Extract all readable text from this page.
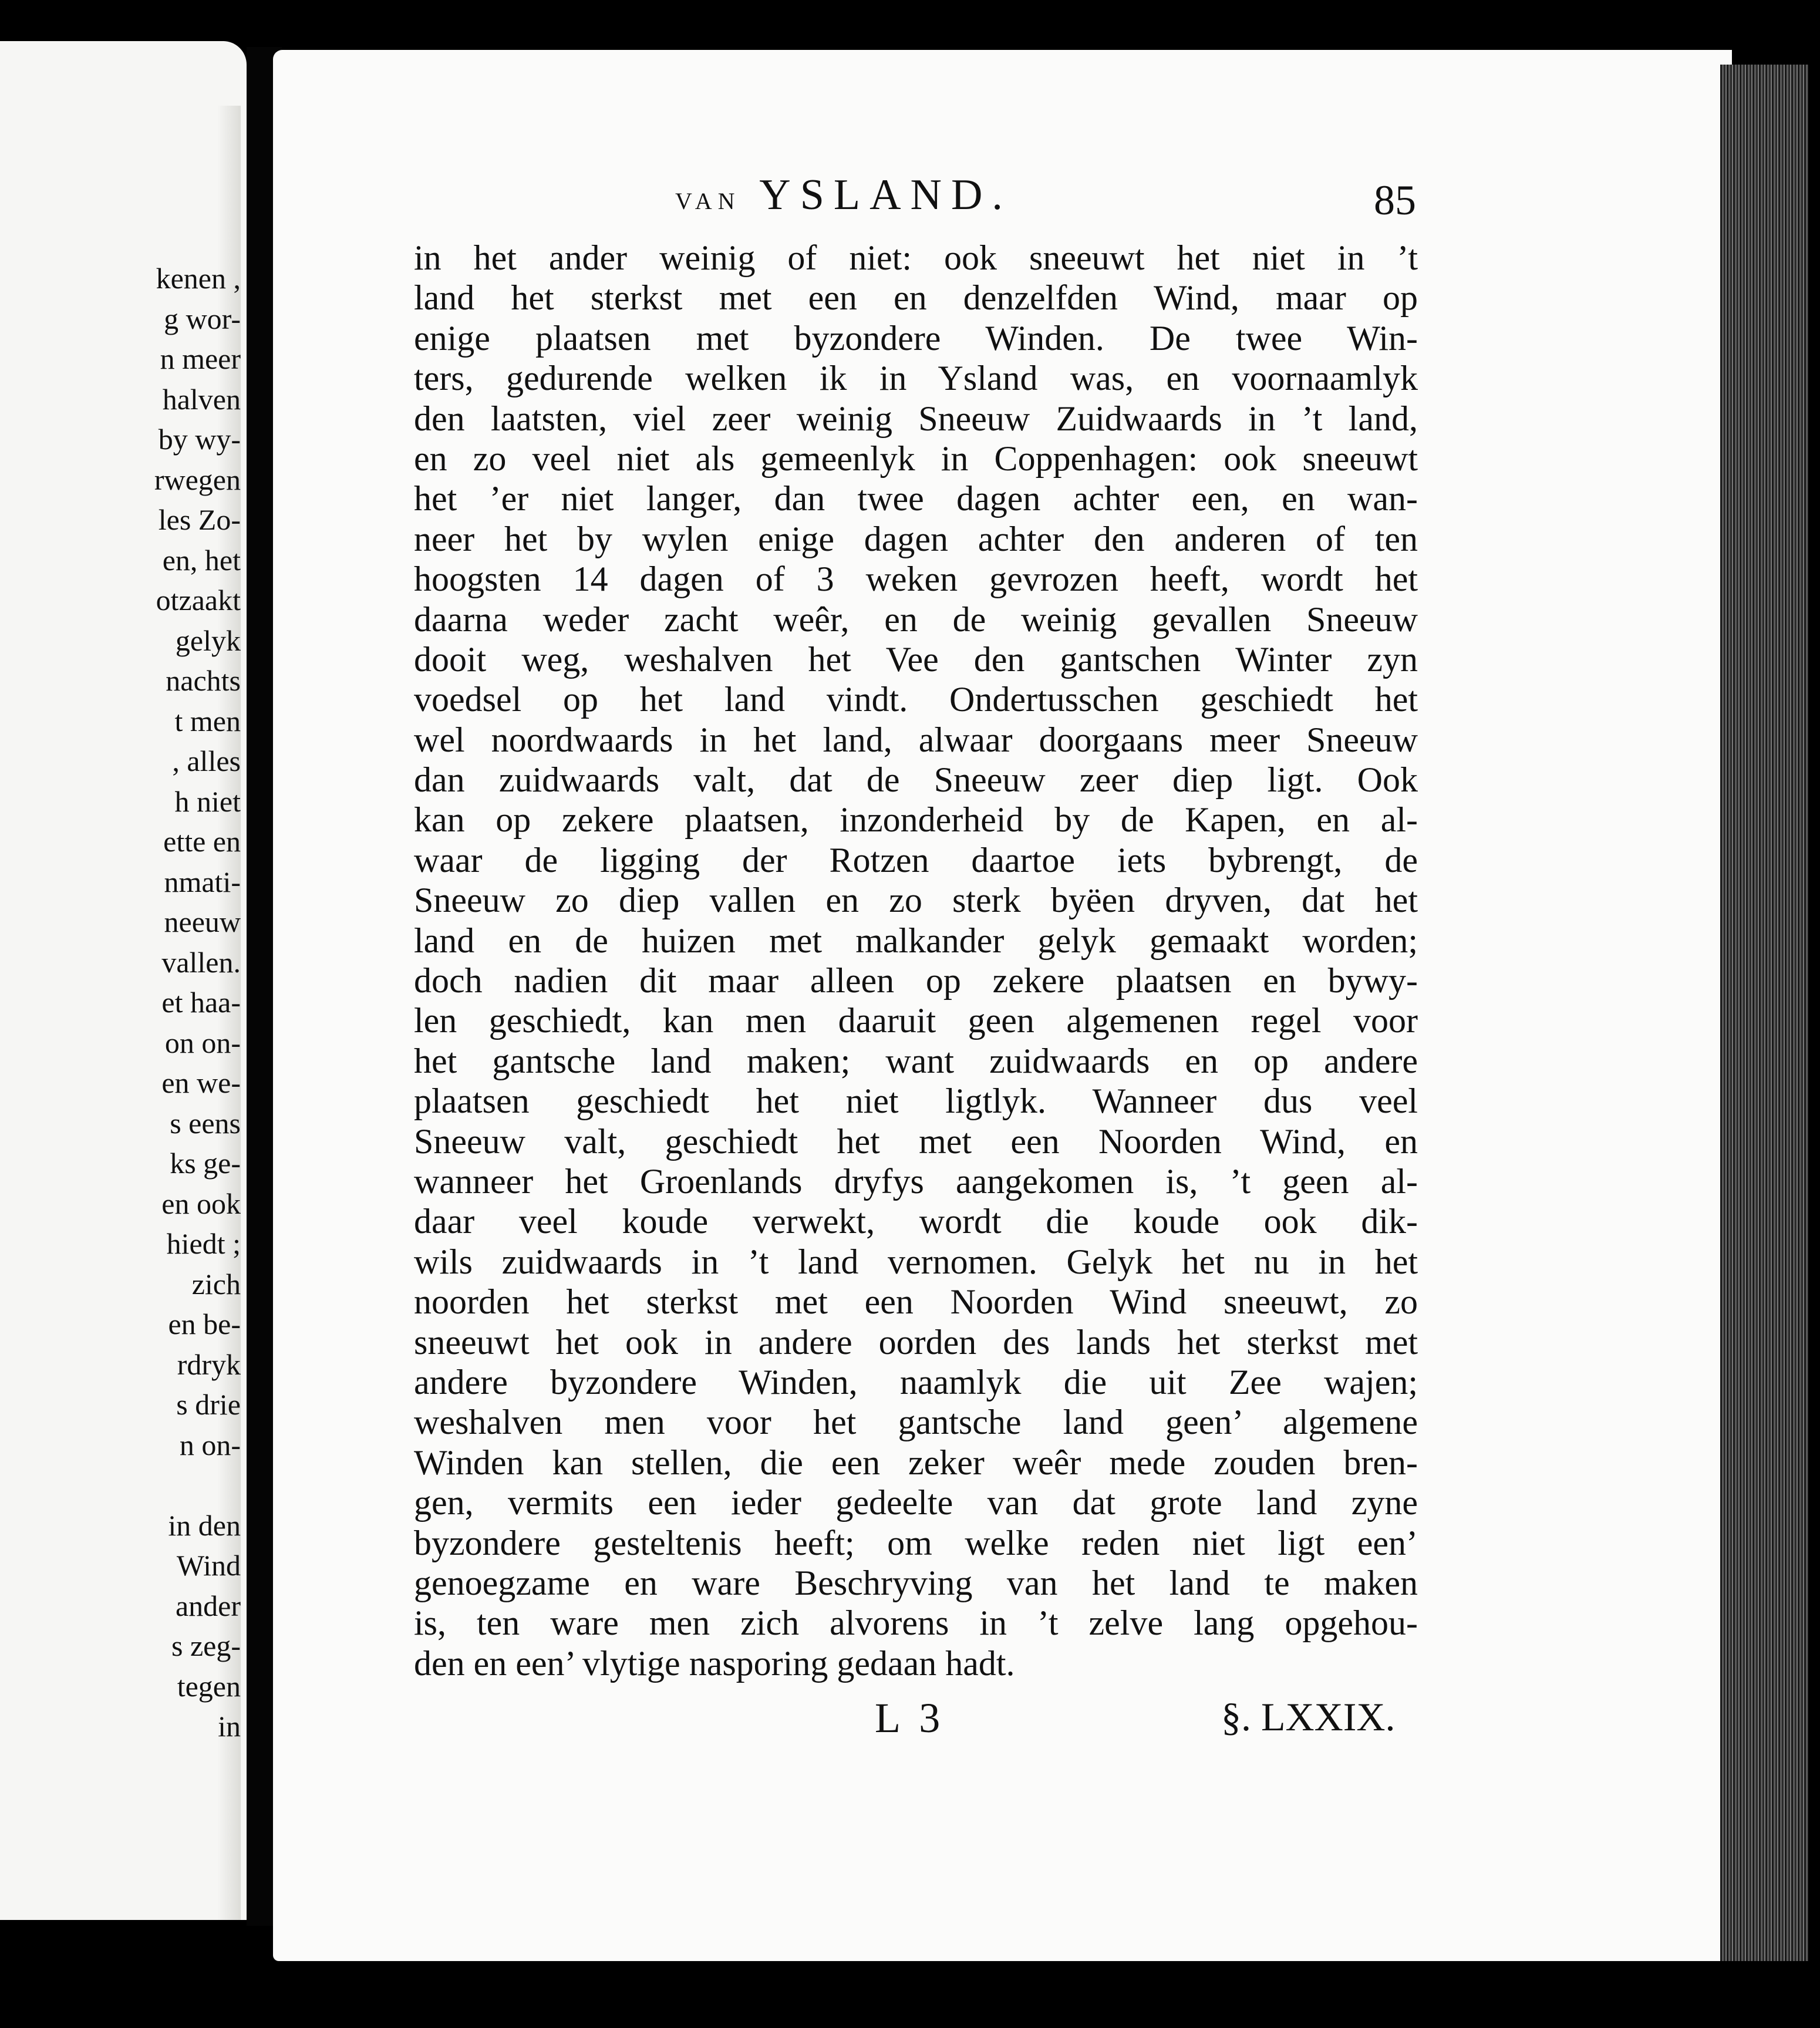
kenen ,
g wor-
n meer
halven
by wy-
rwegen
les Zo-
en, het
otzaakt
gelyk
nachts
t men
, alles
h niet
ette en
nmati-
neeuw
vallen.
et haa-
on on-
en we-
s eens
ks ge-
en ook
hiedt ;
zich
en be-
rdryk
s drie
n on-
in den
Wind
ander
s zeg-
tegen
in
VAN YSLAND.	85
in het ander weinig of niet: ook sneeuwt het niet in ’t
land het sterkst met een en denzelfden Wind, maar op
enige plaatsen met byzondere Winden. De twee Win-
ters, gedurende welken ik in Ysland was, en voornaamlyk
den laatsten, viel zeer weinig Sneeuw Zuidwaards in ’t land,
en zo veel niet als gemeenlyk in Coppenhagen: ook sneeuwt
het ’er niet langer, dan twee dagen achter een, en wan-
neer het by wylen enige dagen achter den anderen of ten
hoogsten 14 dagen of 3 weken gevrozen heeft, wordt het
daarna weder zacht weêr, en de weinig gevallen Sneeuw
dooit weg, weshalven het Vee den gantschen Winter zyn
voedsel op het land vindt. Ondertusschen geschiedt het
wel noordwaards in het land, alwaar doorgaans meer Sneeuw
dan zuidwaards valt, dat de Sneeuw zeer diep ligt. Ook
kan op zekere plaatsen, inzonderheid by de Kapen, en al-
waar de ligging der Rotzen daartoe iets bybrengt, de
Sneeuw zo diep vallen en zo sterk byëen dryven, dat het
land en de huizen met malkander gelyk gemaakt worden;
doch nadien dit maar alleen op zekere plaatsen en bywy-
len geschiedt, kan men daaruit geen algemenen regel voor
het gantsche land maken; want zuidwaards en op andere
plaatsen geschiedt het niet ligtlyk. Wanneer dus veel
Sneeuw valt, geschiedt het met een Noorden Wind, en
wanneer het Groenlands dryfys aangekomen is, ’t geen al-
daar veel koude verwekt, wordt die koude ook dik-
wils zuidwaards in ’t land vernomen. Gelyk het nu in het
noorden het sterkst met een Noorden Wind sneeuwt, zo
sneeuwt het ook in andere oorden des lands het sterkst met
andere byzondere Winden, naamlyk die uit Zee wajen;
weshalven men voor het gantsche land geen’ algemene
Winden kan stellen, die een zeker weêr mede zouden bren-
gen, vermits een ieder gedeelte van dat grote land zyne
byzondere gesteltenis heeft; om welke reden niet ligt een’
genoegzame en ware Beschryving van het land te maken
is, ten ware men zich alvorens in ’t zelve lang opgehou-
den en een’ vlytige nasporing gedaan hadt.
L 3	§. LXXIX.
